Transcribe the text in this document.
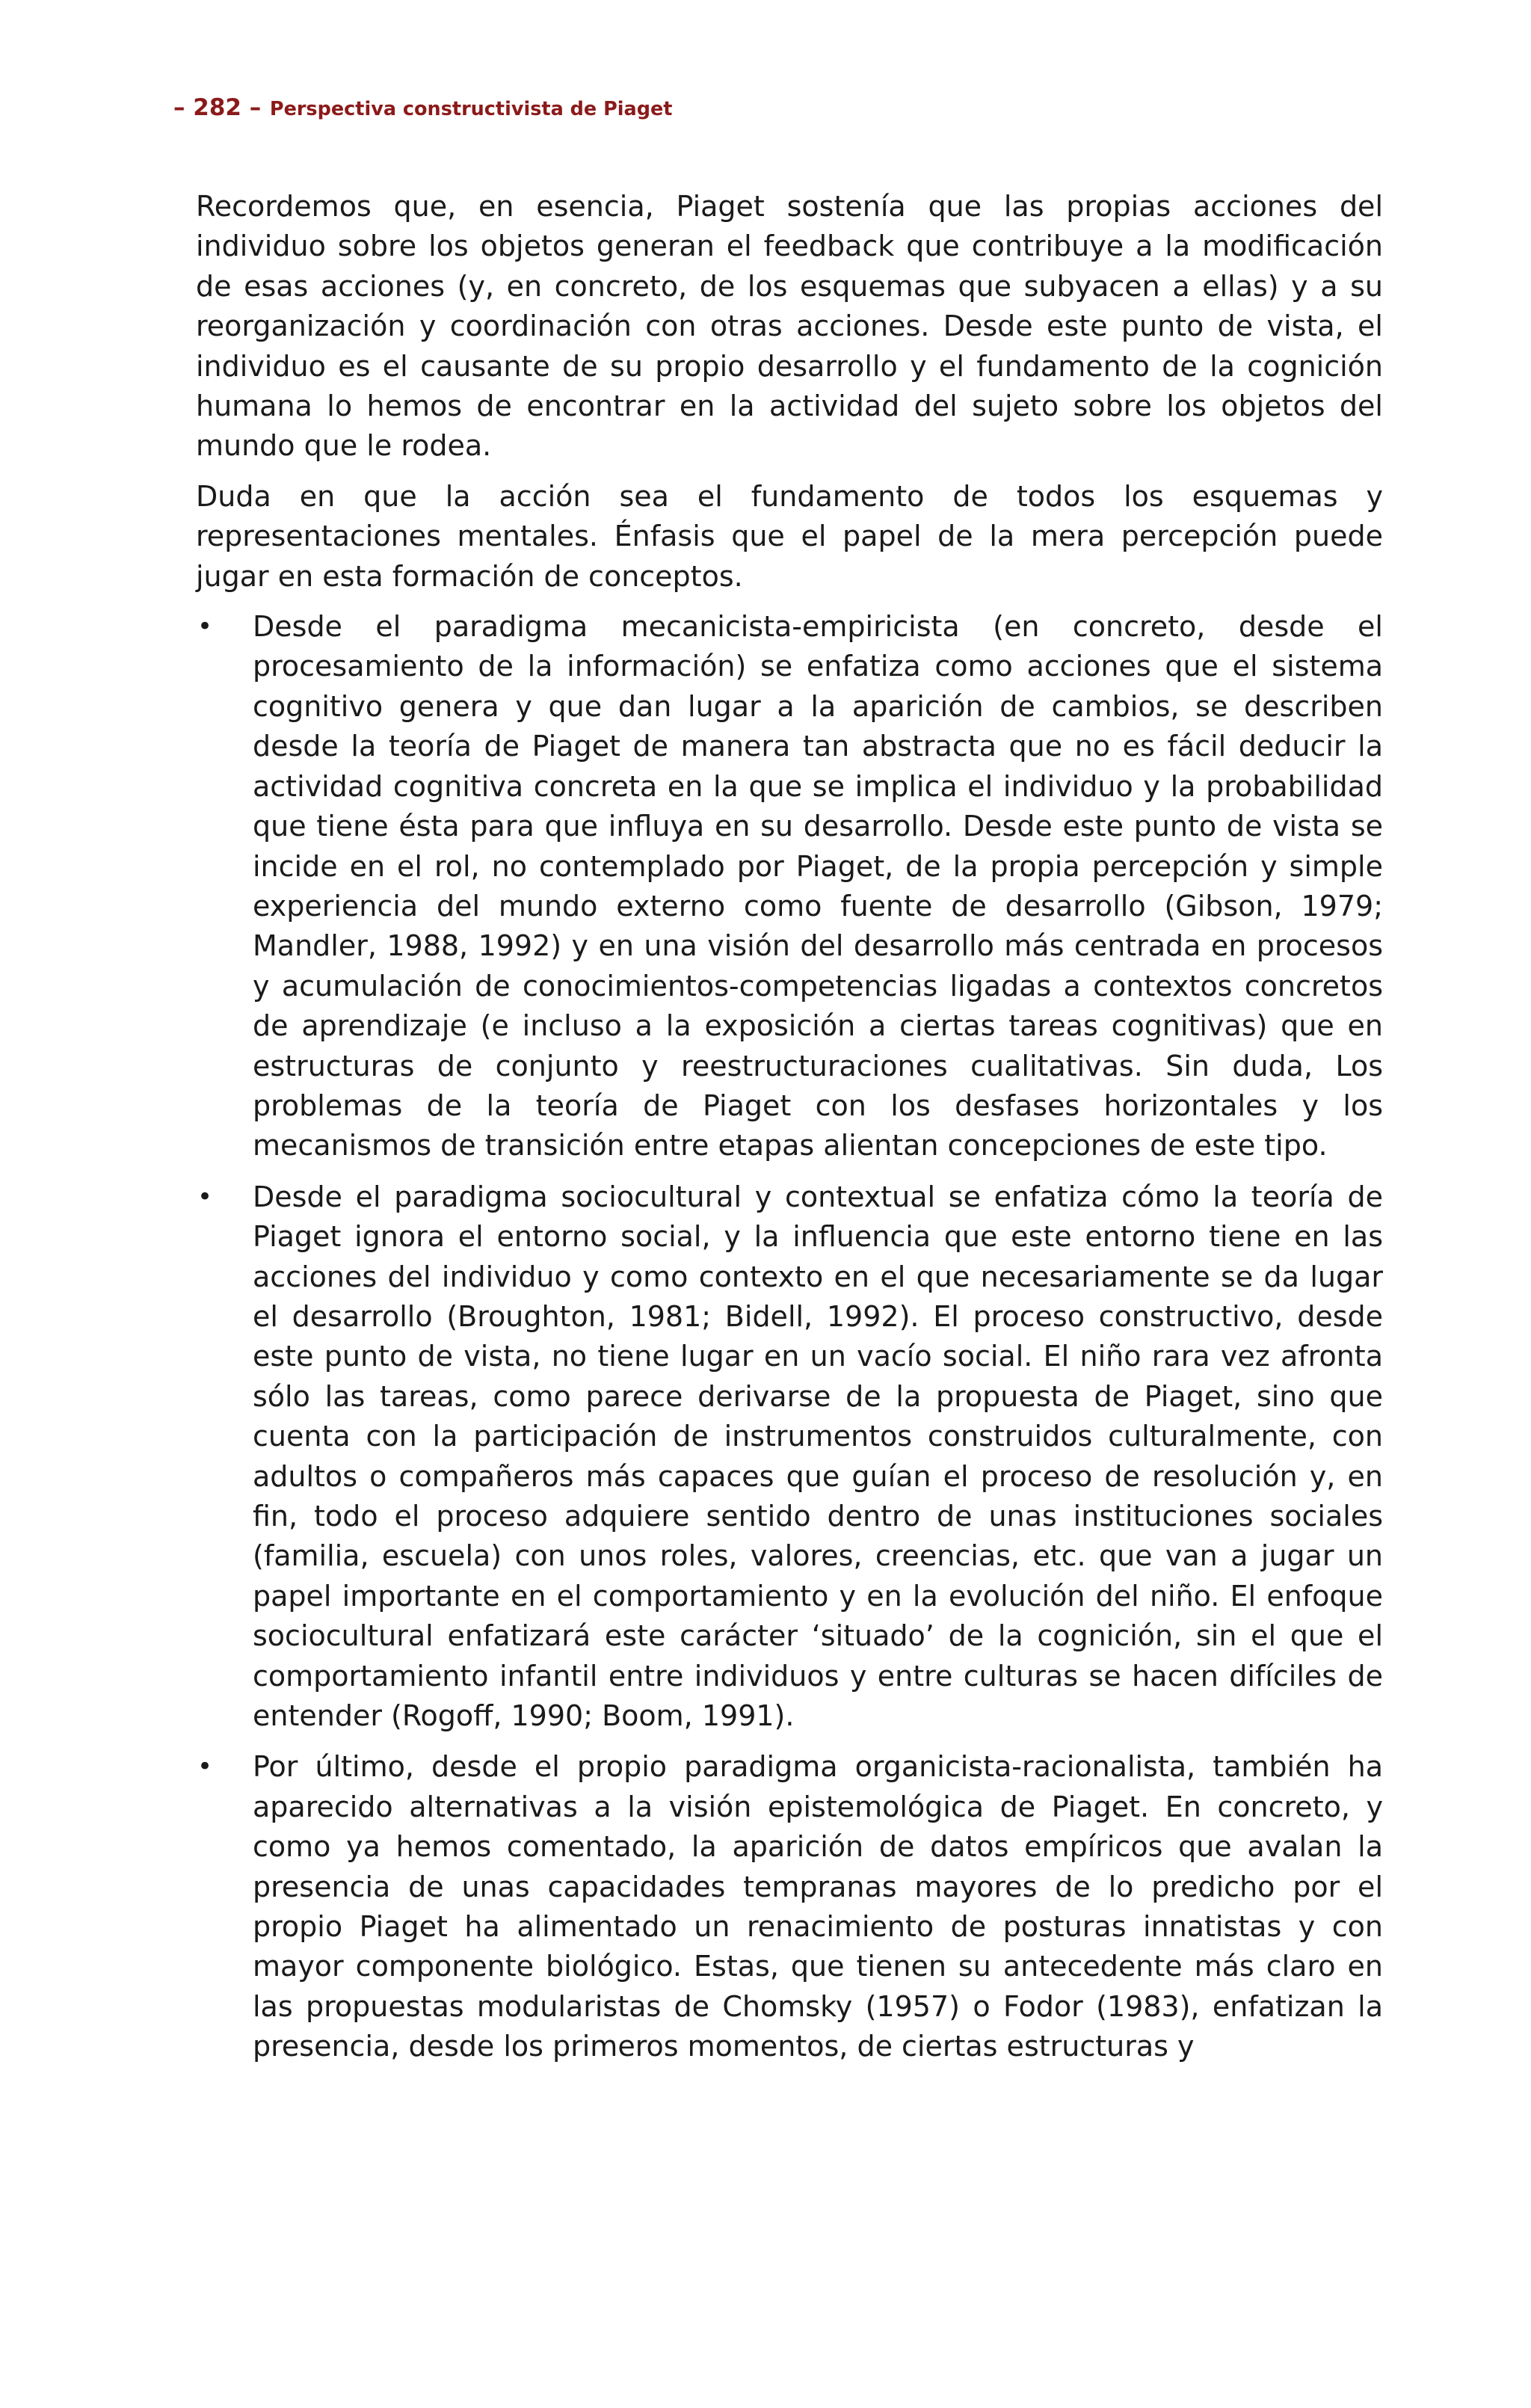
– 282 – Perspectiva constructivista de Piaget

Recordemos que, en esencia, Piaget sostenía que las propias acciones del individuo sobre los objetos generan el feedback que contribuye a la modificación de esas acciones (y, en concreto, de los esquemas que subyacen a ellas) y a su reorganización y coordinación con otras acciones. Desde este punto de vista, el individuo es el causante de su propio desarrollo y el fundamento de la cognición humana lo hemos de encontrar en la actividad del sujeto sobre los objetos del mundo que le rodea.

Duda en que la acción sea el fundamento de todos los esquemas y representaciones mentales. Énfasis que el papel de la mera percepción puede jugar en esta formación de conceptos.

• Desde el paradigma mecanicista-empiricista (en concreto, desde el procesamiento de la información) se enfatiza como acciones que el sistema cognitivo genera y que dan lugar a la aparición de cambios, se describen desde la teoría de Piaget de manera tan abstracta que no es fácil deducir la actividad cognitiva concreta en la que se implica el individuo y la probabilidad que tiene ésta para que influya en su desarrollo. Desde este punto de vista se incide en el rol, no contemplado por Piaget, de la propia percepción y simple experiencia del mundo externo como fuente de desarrollo (Gibson, 1979; Mandler, 1988, 1992) y en una visión del desarrollo más centrada en procesos y acumulación de conocimientos-competencias ligadas a contextos concretos de aprendizaje (e incluso a la exposición a ciertas tareas cognitivas) que en estructuras de conjunto y reestructuraciones cualitativas. Sin duda, Los problemas de la teoría de Piaget con los desfases horizontales y los mecanismos de transición entre etapas alientan concepciones de este tipo.
• Desde el paradigma sociocultural y contextual se enfatiza cómo la teoría de Piaget ignora el entorno social, y la influencia que este entorno tiene en las acciones del individuo y como contexto en el que necesariamente se da lugar el desarrollo (Broughton, 1981; Bidell, 1992). El proceso constructivo, desde este punto de vista, no tiene lugar en un vacío social. El niño rara vez afronta sólo las tareas, como parece derivarse de la propuesta de Piaget, sino que cuenta con la participación de instrumentos construidos culturalmente, con adultos o compañeros más capaces que guían el proceso de resolución y, en fin, todo el proceso adquiere sentido dentro de unas instituciones sociales (familia, escuela) con unos roles, valores, creencias, etc. que van a jugar un papel importante en el comportamiento y en la evolución del niño. El enfoque sociocultural enfatizará este carácter ‘situado’ de la cognición, sin el que el comportamiento infantil entre individuos y entre culturas se hacen difíciles de entender (Rogoff, 1990; Boom, 1991).
• Por último, desde el propio paradigma organicista-racionalista, también ha aparecido alternativas a la visión epistemológica de Piaget. En concreto, y como ya hemos comentado, la aparición de datos empíricos que avalan la presencia de unas capacidades tempranas mayores de lo predicho por el propio Piaget ha alimentado un renacimiento de posturas innatistas y con mayor componente biológico. Estas, que tienen su antecedente más claro en las propuestas modularistas de Chomsky (1957) o Fodor (1983), enfatizan la presencia, desde los primeros momentos, de ciertas estructuras y
